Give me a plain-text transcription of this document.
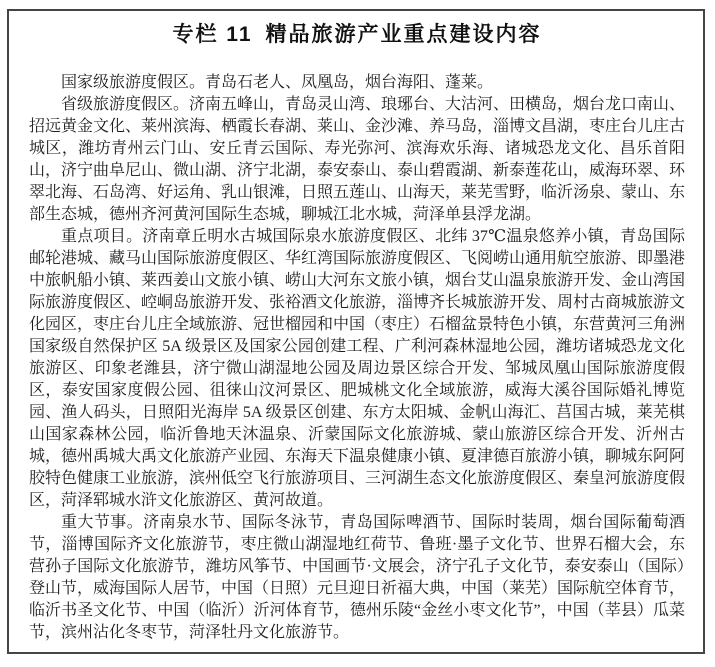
专栏 11 精品旅游产业重点建设内容

国家级旅游度假区。青岛石老人、凤凰岛，烟台海阳、蓬莱。

省级旅游度假区。济南五峰山，青岛灵山湾、琅琊台、大沽河、田横岛，烟台龙口南山、招远黄金文化、莱州滨海、栖霞长春湖、莱山、金沙滩、养马岛，淄博文昌湖，枣庄台儿庄古城区，潍坊青州云门山、安丘青云国际、寿光弥河、滨海欢乐海、诸城恐龙文化、昌乐首阳山，济宁曲阜尼山、微山湖、济宁北湖，泰安泰山、泰山碧霞湖、新泰莲花山，威海环翠、环翠北海、石岛湾、好运角、乳山银滩，日照五莲山、山海天，莱芜雪野，临沂汤泉、蒙山、东部生态城，德州齐河黄河国际生态城，聊城江北水城，菏泽单县浮龙湖。

重点项目。济南章丘明水古城国际泉水旅游度假区、北纬 37℃温泉悠养小镇，青岛国际邮轮港城、藏马山国际旅游度假区、华红湾国际旅游度假区、飞阅崂山通用航空旅游、即墨港中旅帆船小镇、莱西姜山文旅小镇、崂山大河东文旅小镇，烟台艾山温泉旅游开发、金山湾国际旅游度假区、崆峒岛旅游开发、张裕酒文化旅游，淄博齐长城旅游开发、周村古商城旅游文化园区，枣庄台儿庄全域旅游、冠世榴园和中国（枣庄）石榴盆景特色小镇，东营黄河三角洲国家级自然保护区 5A 级景区及国家公园创建工程、广利河森林湿地公园，潍坊诸城恐龙文化旅游区、印象老潍县，济宁微山湖湿地公园及周边景区综合开发、邹城凤凰山国际旅游度假区，泰安国家度假公园、徂徕山汶河景区、肥城桃文化全域旅游，威海大溪谷国际婚礼博览园、渔人码头，日照阳光海岸 5A 级景区创建、东方太阳城、金帆山海汇、莒国古城，莱芜棋山国家森林公园，临沂鲁地天沐温泉、沂蒙国际文化旅游城、蒙山旅游区综合开发、沂州古城，德州禹城大禹文化旅游产业园、东海天下温泉健康小镇、夏津德百旅游小镇，聊城东阿阿胶特色健康工业旅游，滨州低空飞行旅游项目、三河湖生态文化旅游度假区、秦皇河旅游度假区，菏泽郓城水浒文化旅游区、黄河故道。

重大节事。济南泉水节、国际冬泳节，青岛国际啤酒节、国际时装周，烟台国际葡萄酒节，淄博国际齐文化旅游节，枣庄微山湖湿地红荷节、鲁班·墨子文化节、世界石榴大会，东营孙子国际文化旅游节，潍坊风筝节、中国画节·文展会，济宁孔子文化节，泰安泰山（国际）登山节，威海国际人居节，中国（日照）元旦迎日祈福大典，中国（莱芜）国际航空体育节，临沂书圣文化节、中国（临沂）沂河体育节，德州乐陵“金丝小枣文化节”，中国（莘县）瓜菜节，滨州沾化冬枣节，菏泽牡丹文化旅游节。
